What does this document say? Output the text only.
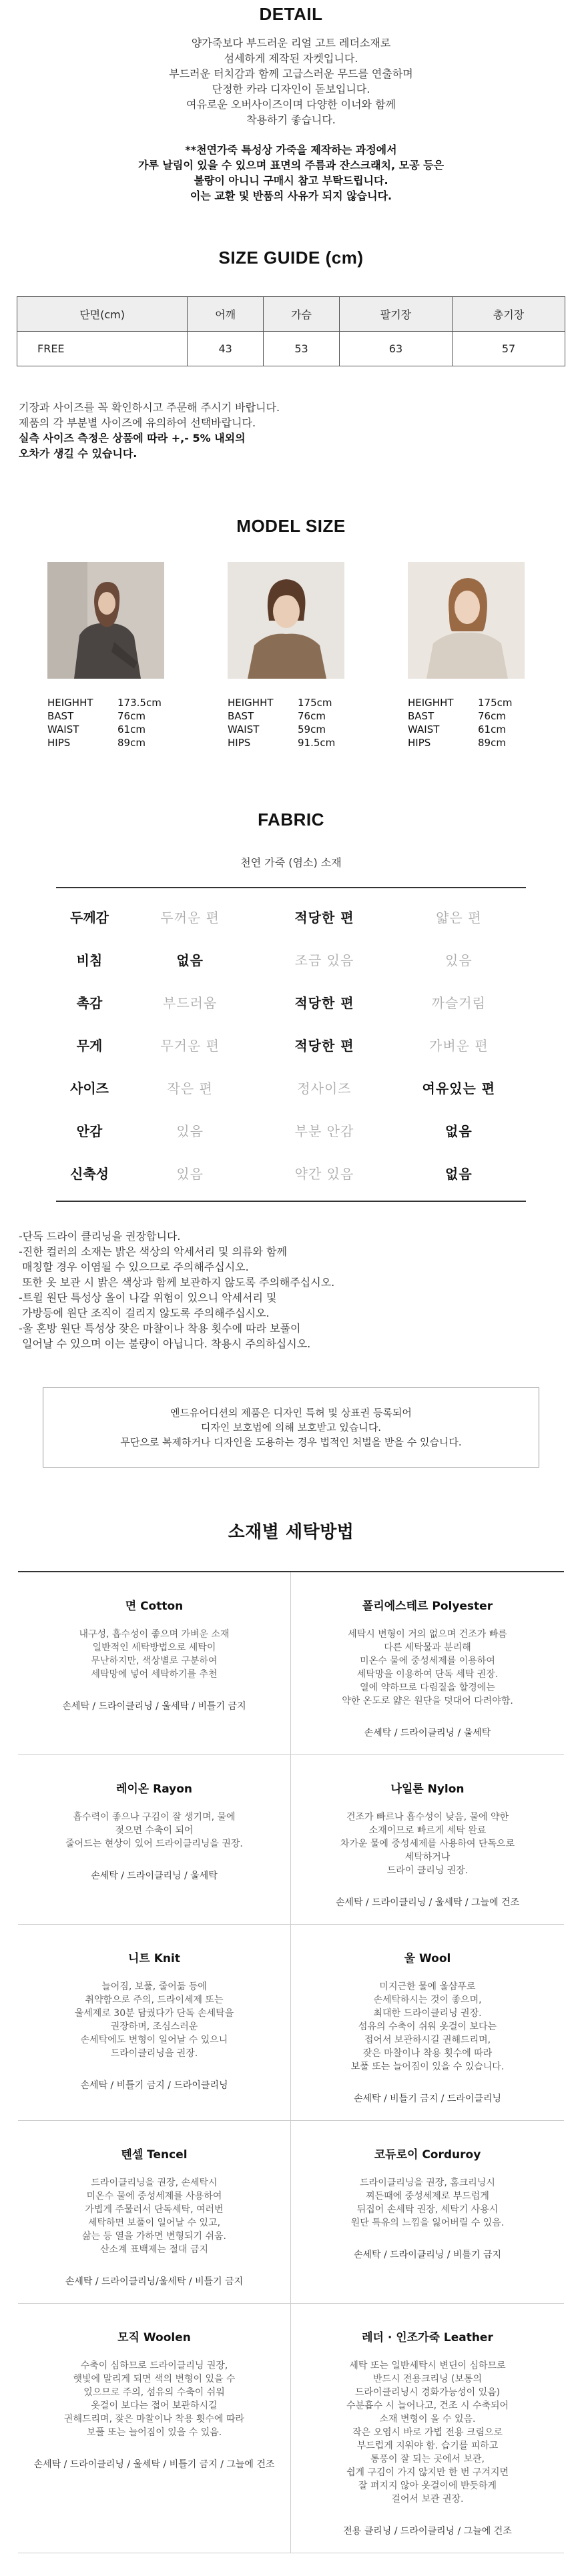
DETAIL

양가죽보다 부드러운 리얼 고트 레더소재로

섬세하게 제작된 자켓입니다.

부드러운 터치감과 함께 고급스러운 무드를 연출하며

단정한 카라 디자인이 돋보입니다.

여유로운 오버사이즈이며 다양한 이너와 함께

착용하기 좋습니다.

**천연가죽 특성상 가죽을 제작하는 과정에서

가루 날림이 있을 수 있으며 표면의 주름과 잔스크래치, 모공 등은

불량이 아니니 구매시 참고 부탁드립니다.

이는 교환 및 반품의 사유가 되지 않습니다.

SIZE GUIDE (cm)
단면(cm)	어깨	가슴	팔기장	총기장
FREE	43	53	63	57

기장과 사이즈를 꼭 확인하시고 주문해 주시기 바랍니다.

제품의 각 부분별 사이즈에 유의하여 선택바랍니다.

실측 사이즈 측정은 상품에 따라 +,- 5% 내외의

오차가 생길 수 있습니다.

MODEL SIZE
HEIGHHT	173.5cm
BAST	76cm
WAIST	61cm
HIPS	89cm
HEIGHHT	175cm
BAST	76cm
WAIST	59cm
HIPS	91.5cm
HEIGHHT	175cm
BAST	76cm
WAIST	61cm
HIPS	89cm
FABRIC

천연 가죽 (염소) 소재

두께감	두꺼운 편	적당한 편	얇은 편
비침	없음	조금 있음	있음
촉감	부드러움	적당한 편	까슬거림
무게	무거운 편	적당한 편	가벼운 편
사이즈	작은 편	정사이즈	여유있는 편
안감	있음	부분 안감	없음
신축성	있음	약간 있음	없음

-단독 드라이 클리닝을 권장합니다.

-진한 컬러의 소재는 밝은 색상의 악세서리 및 의류와 함께

매칭할 경우 이염될 수 있으므로 주의해주십시오.

또한 옷 보관 시 밝은 색상과 함께 보관하지 않도록 주의해주십시오.

-트윌 원단 특성상 올이 나갈 위험이 있으니 악세서리 및

가방등에 원단 조직이 걸리지 않도록 주의해주십시오.

-울 혼방 원단 특성상 잦은 마찰이나 착용 횟수에 따라 보풀이

일어날 수 있으며 이는 불량이 아닙니다. 착용시 주의하십시오.

엔드유어디션의 제품은 디자인 특허 및 상표권 등록되어

디자인 보호법에 의해 보호받고 있습니다.

무단으로 복제하거나 디자인을 도용하는 경우 법적인 처벌을 받을 수 있습니다.

소재별 세탁방법
면 Cotton

내구성, 흡수성이 좋으며 가벼운 소재

일반적인 세탁방법으로 세탁이

무난하지만, 색상별로 구분하여

세탁망에 넣어 세탁하기를 추천

손세탁 / 드라이클리닝 / 울세탁 / 비틀기 금지
폴리에스테르 Polyester

세탁시 변형이 거의 없으며 건조가 빠름

다른 세탁물과 분리해

미온수 물에 중성세제를 이용하여

세탁망을 이용하여 단독 세탁 권장.

열에 약하므로 다림질을 할경에는

약한 온도로 얇은 원단을 덧대어 다려야함.

손세탁 / 드라이클리닝 / 울세탁
레이온 Rayon

흡수력이 좋으나 구김이 잘 생기며, 물에

젖으면 수축이 되어

줄어드는 현상이 있어 드라이클리닝을 권장.

손세탁 / 드라이클리닝 / 울세탁
나일론 Nylon

건조가 빠르나 흡수성이 낮음, 물에 약한

소재이므로 빠르게 세탁 완료

차가운 물에 중성세제를 사용하여 단독으로

세탁하거나

드라이 클리닝 권장.

손세탁 / 드라이클리닝 / 울세탁 / 그늘에 건조
니트 Knit

늘어짐, 보풀, 줄어듦 등에

취약함으로 주의, 드라이세제 또는

울세제로 30분 담궜다가 단독 손세탁을

권장하며, 조심스러운

손세탁에도 변형이 일어날 수 있으니

드라이클리닝을 권장.

손세탁 / 비틀기 금지 / 드라이클리닝
울 Wool

미지근한 물에 울샴푸로

손세탁하시는 것이 좋으며,

최대한 드라이클리닝 권장.

섬유의 수축이 쉬워 옷걸이 보다는

접어서 보관하시길 권해드리며,

잦은 마찰이나 착용 횟수에 따라

보풀 또는 늘어짐이 있을 수 있습니다.

손세탁 / 비틀기 금지 / 드라이클리닝
텐셀 Tencel

드라이클리닝을 권장, 손세탁시

미온수 물에 중성세제를 사용하여

가볍게 주물러서 단독세탁, 여러번

세탁하면 보풀이 일어날 수 있고,

삶는 등 열을 가하면 변형되기 쉬움.

산소계 표백제는 절대 금지

손세탁 / 드라이클리닝/울세탁 / 비틀기 금지
코듀로이 Corduroy

드라이클리닝을 권장, 홈크리닝시

찌든때에 중성세제로 부드럽게

뒤집어 손세탁 권장, 세탁기 사용시

원단 특유의 느낌을 잃어버릴 수 있음.

손세탁 / 드라이클리닝 / 비틀기 금지
모직 Woolen

수축이 심하므로 드라이클리닝 권장,

햇빛에 말리게 되면 색의 변형이 있을 수

있으므로 주의, 섬유의 수축이 쉬워

옷걸이 보다는 접어 보관하시길

권해드리며, 잦은 마찰이나 착용 횟수에 따라

보풀 또는 늘어짐이 있을 수 있음.

손세탁 / 드라이클리닝 / 울세탁 / 비틀기 금지 / 그늘에 건조
레더 · 인조가죽 Leather

세탁 또는 일반세탁시 변딘이 심하므로

반드시 전용크리닝 (보통의

드라이클리닝시 경화가능성이 있음)

수분흡수 시 늘어나고, 건조 시 수축되어

소재 변형이 올 수 있음.

작은 오염시 바로 가볍 전용 크림으로

부드럽게 지워야 함. 습기를 피하고

통풍이 잘 되는 곳에서 보관,

쉽게 구김이 가지 않지만 한 번 구겨지면

잘 펴지지 않아 옷걸이에 반듯하게

걸어서 보관 권장.

전용 클리닝 / 드라이클리닝 / 그늘에 건조
